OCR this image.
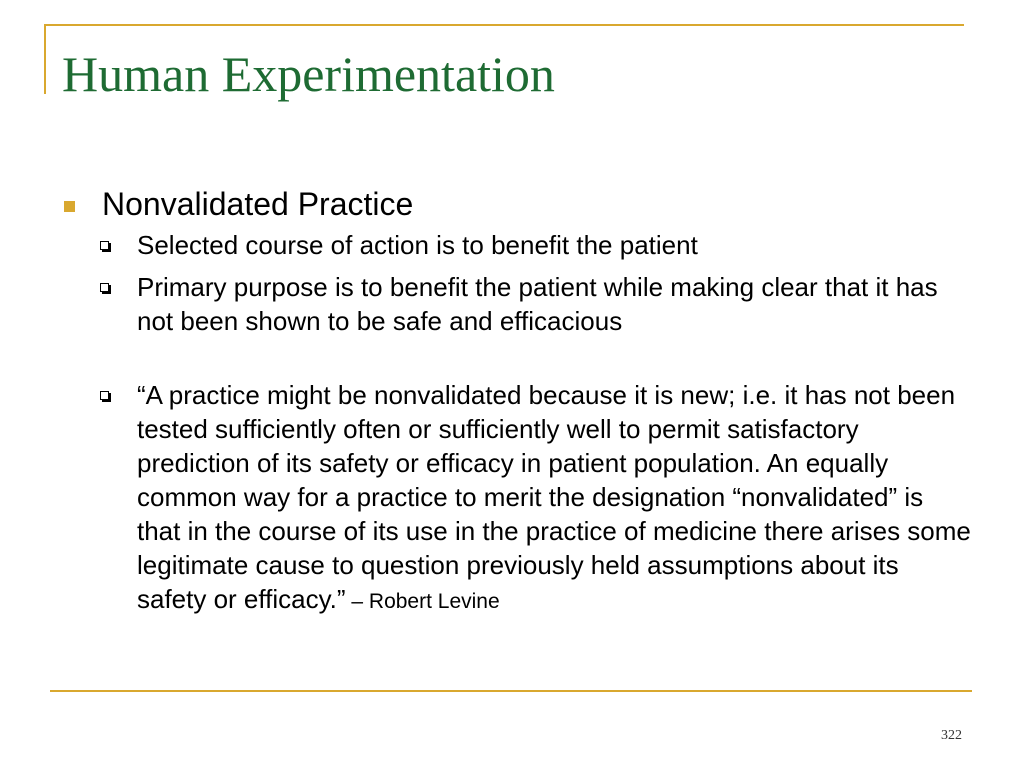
Human Experimentation
Nonvalidated Practice
Selected course of action is to benefit the patient
Primary purpose is to benefit the patient while making clear that it has not been shown to be safe and efficacious
“A practice might be nonvalidated because it is new; i.e. it has not been tested sufficiently often or sufficiently well to permit satisfactory prediction of its safety or efficacy in patient population. An equally common way for a practice to merit the designation “nonvalidated” is that in the course of its use in the practice of medicine there arises some legitimate cause to question previously held assumptions about its safety or efficacy.” – Robert Levine
322
